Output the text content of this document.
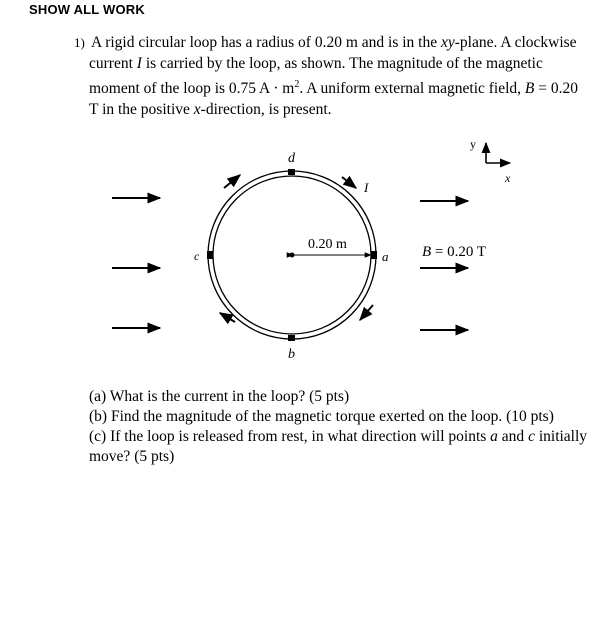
SHOW ALL WORK
1) A rigid circular loop has a radius of 0.20 m and is in the xy-plane. A clockwise
current I is carried by the loop, as shown. The magnitude of the magnetic
moment of the loop is 0.75 $A \cdot m^2$. A uniform external magnetic field, B = 0.20
T in the positive x-direction, is present.
d
b
c	a
I
0.20 m	B = 0.20 T
y
x
(a) What is the current in the loop? (5 pts)
(b) Find the magnitude of the magnetic torque exerted on the loop. (10 pts)
(c) If the loop is released from rest, in what direction will points a and c initially
move? (5 pts)
